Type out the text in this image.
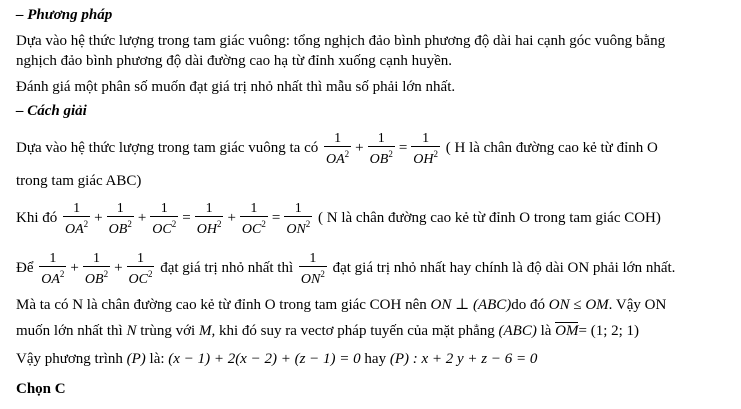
– Phương pháp
Dựa vào hệ thức lượng trong tam giác vuông: tổng nghịch đảo bình phương độ dài hai cạnh góc vuông bằng
nghịch đảo bình phương độ dài đường cao hạ từ đỉnh xuống cạnh huyền.
Đánh giá một phân số muốn đạt giá trị nhỏ nhất thì mẫu số phải lớn nhất.
– Cách giải
Dựa vào hệ thức lượng trong tam giác vuông ta có $\frac{1}{OA^2} + \frac{1}{OB^2} = \frac{1}{OH^2}$ ( H là chân đường cao kẻ từ đỉnh O
trong tam giác ABC)
Khi đó $\frac{1}{OA^2} + \frac{1}{OB^2} + \frac{1}{OC^2} = \frac{1}{OH^2} + \frac{1}{OC^2} = \frac{1}{ON^2}$ ( N là chân đường cao kẻ từ đỉnh O trong tam giác COH)
Để $\frac{1}{OA^2} + \frac{1}{OB^2} + \frac{1}{OC^2}$ đạt giá trị nhỏ nhất thì $\frac{1}{ON^2}$ đạt giá trị nhỏ nhất hay chính là độ dài ON phải lớn nhất.
Mà ta có N là chân đường cao kẻ từ đỉnh O trong tam giác COH nên ON ⊥ (ABC)do đó ON ≤ OM. Vậy ON
muốn lớn nhất thì N trùng với M, khi đó suy ra vectơ pháp tuyến của mặt phẳng (ABC) là OM= (1; 2; 1)
Vậy phương trình (P) là: (x − 1) + 2(x − 2) + (z − 1) = 0 hay (P) : x + 2 y + z − 6 = 0
Chọn C
